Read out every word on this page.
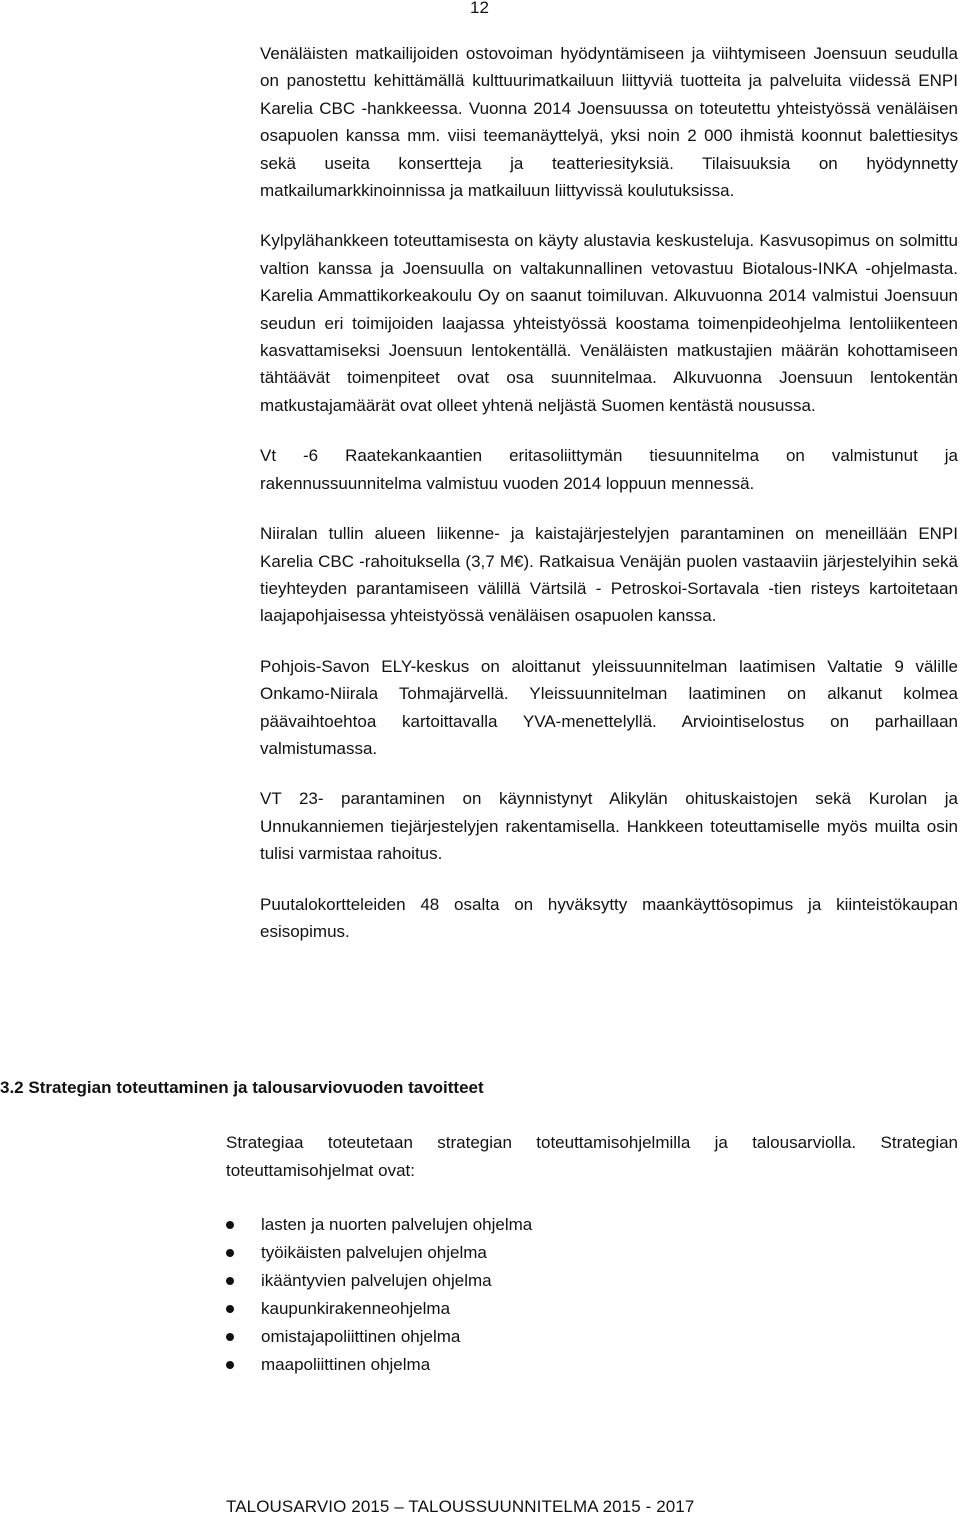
12

Venäläisten matkailijoiden ostovoiman hyödyntämiseen ja viihtymiseen Joensuun seudulla on panostettu kehittämällä kulttuurimatkailuun liittyviä tuotteita ja palveluita viidessä ENPI Karelia CBC -hankkeessa. Vuonna 2014 Joensuussa on toteutettu yhteistyössä venäläisen osapuolen kanssa mm. viisi teemanäyttelyä, yksi noin 2 000 ihmistä koonnut balettiesitys sekä useita konsertteja ja teatteriesityksiä. Tilaisuuksia on hyödynnetty matkailumarkkinoinnissa ja matkailuun liittyvissä koulutuksissa.

Kylpylähankkeen toteuttamisesta on käyty alustavia keskusteluja. Kasvusopimus on solmittu valtion kanssa ja Joensuulla on valtakunnallinen vetovastuu Biotalous-INKA -ohjelmasta. Karelia Ammattikorkeakoulu Oy on saanut toimiluvan. Alkuvuonna 2014 valmistui Joensuun seudun eri toimijoiden laajassa yhteistyössä koostama toimenpideohjelma lentoliikenteen kasvattamiseksi Joensuun lentokentällä. Venäläisten matkustajien määrän kohottamiseen tähtäävät toimenpiteet ovat osa suunnitelmaa. Alkuvuonna Joensuun lentokentän matkustajamäärät ovat olleet yhtenä neljästä Suomen kentästä nousussa.

Vt -6 Raatekankaantien eritasoliittymän tiesuunnitelma on valmistunut ja rakennussuunnitelma valmistuu vuoden 2014 loppuun mennessä.

Niiralan tullin alueen liikenne- ja kaistajärjestelyjen parantaminen on meneillään ENPI Karelia CBC -rahoituksella (3,7 M€). Ratkaisua Venäjän puolen vastaaviin järjestelyihin sekä tieyhteyden parantamiseen välillä Värtsilä - Petroskoi-Sortavala -tien risteys kartoitetaan laajapohjaisessa yhteistyössä venäläisen osapuolen kanssa.

Pohjois-Savon ELY-keskus on aloittanut yleissuunnitelman laatimisen Valtatie 9 välille Onkamo-Niirala Tohmajärvellä. Yleissuunnitelman laatiminen on alkanut kolmea päävaihtoehtoa kartoittavalla YVA-menettelyllä. Arviointiselostus on parhaillaan valmistumassa.

VT 23- parantaminen on käynnistynyt Alikylän ohituskaistojen sekä Kurolan ja Unnukanniemen tiejärjestelyjen rakentamisella. Hankkeen toteuttamiselle myös muilta osin tulisi varmistaa rahoitus.

Puutalokortteleiden 48 osalta on hyväksytty maankäyttösopimus ja kiinteistökaupan esisopimus.

3.2 Strategian toteuttaminen ja talousarviovuoden tavoitteet

Strategiaa toteutetaan strategian toteuttamisohjelmilla ja talousarviolla. Strategian toteuttamisohjelmat ovat:

lasten ja nuorten palvelujen ohjelma
työikäisten palvelujen ohjelma
ikääntyvien palvelujen ohjelma
kaupunkirakenneohjelma
omistajapoliittinen ohjelma
maapoliittinen ohjelma
TALOUSARVIO 2015 – TALOUSSUUNNITELMA 2015 - 2017
